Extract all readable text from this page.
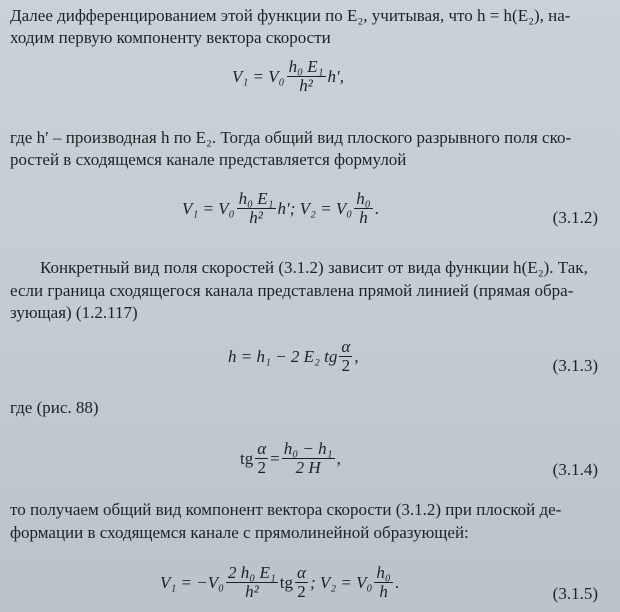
Далее дифференцированием этой функции по E₂, учитывая, что h = h(E₂), на-
ходим первую компоненту вектора скорости
$V_1 = V_0 \frac{\text{h₀ E₁}}{\text{h²}} h'$,
где h′ – производная h по E₂. Тогда общий вид плоского разрывного поля ско-
ростей в сходящемся канале представляется формулой
$V_1 = V_0 \frac{\text{h₀ E₁}}{\text{h²}} h'$; $V_2 = V_0 \frac{\text{h₀}}{h}$ .	(3.1.2)
Конкретный вид поля скоростей (3.1.2) зависит от вида функции h(E₂). Так,
если граница сходящегося канала представлена прямой линией (прямая обра-
зующая) (1.2.117)
h = h₁ − 2 E₂ tg $\frac{\alpha}{2}$ ,	(3.1.3)
где (рис. 88)
tg $\frac{\alpha}{2} = \frac{\text{h₀ − h₁}}{2 H}$ ,
(3.1.4)
то получаем общий вид компонент вектора скорости (3.1.2) при плоской де-
формации в сходящемся канале с прямолинейной образующей:
$V_1 = -V_0 \frac{\text{2 h₀ E₁}}{\text{h²}}$ tg $\frac{\alpha}{2}$ ; $V_2 = V_0 \frac{\text{h₀}}{h}$ .
(3.1.5)
